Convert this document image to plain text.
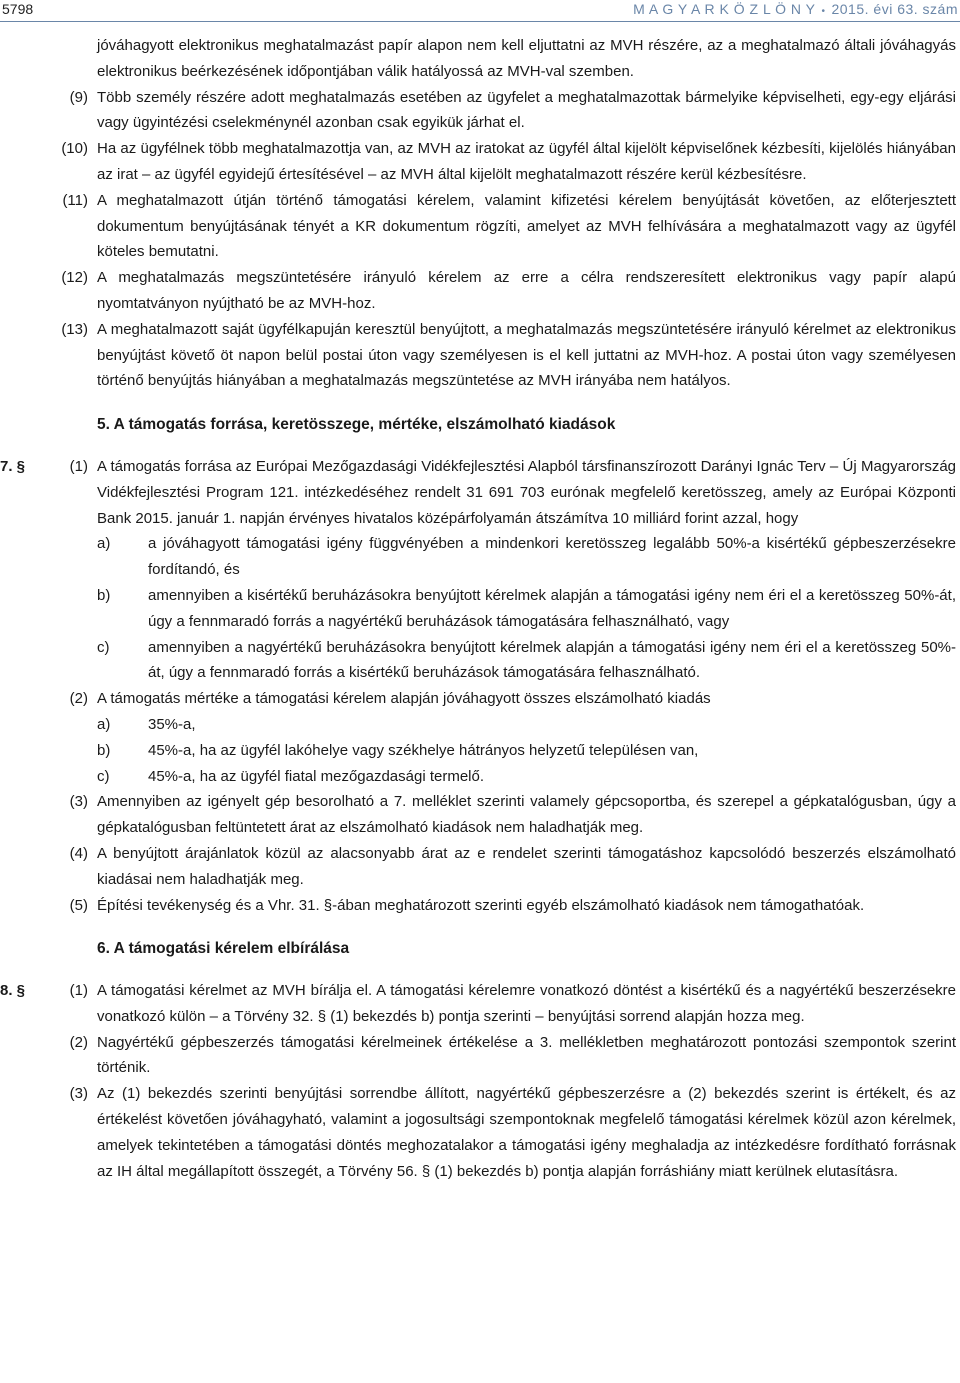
5798	M A G Y A R K Ö Z L Ö N Y • 2015. évi 63. szám
jóváhagyott elektronikus meghatalmazást papír alapon nem kell eljuttatni az MVH részére, az a meghatalmazó általi jóváhagyás elektronikus beérkezésének időpontjában válik hatályossá az MVH-val szemben.
(9) Több személy részére adott meghatalmazás esetében az ügyfelet a meghatalmazottak bármelyike képviselheti, egy-egy eljárási vagy ügyintézési cselekménynél azonban csak egyikük járhat el.
(10) Ha az ügyfélnek több meghatalmazottja van, az MVH az iratokat az ügyfél által kijelölt képviselőnek kézbesíti, kijelölés hiányában az irat – az ügyfél egyidejű értesítésével – az MVH által kijelölt meghatalmazott részére kerül kézbesítésre.
(11) A meghatalmazott útján történő támogatási kérelem, valamint kifizetési kérelem benyújtását követően, az előterjesztett dokumentum benyújtásának tényét a KR dokumentum rögzíti, amelyet az MVH felhívására a meghatalmazott vagy az ügyfél köteles bemutatni.
(12) A meghatalmazás megszüntetésére irányuló kérelem az erre a célra rendszeresített elektronikus vagy papír alapú nyomtatványon nyújtható be az MVH-hoz.
(13) A meghatalmazott saját ügyfélkapuján keresztül benyújtott, a meghatalmazás megszüntetésére irányuló kérelmet az elektronikus benyújtást követő öt napon belül postai úton vagy személyesen is el kell juttatni az MVH-hoz. A postai úton vagy személyesen történő benyújtás hiányában a meghatalmazás megszüntetése az MVH irányába nem hatályos.
5. A támogatás forrása, keretösszege, mértéke, elszámolható kiadások
7. §	(1) A támogatás forrása az Európai Mezőgazdasági Vidékfejlesztési Alapból társfinanszírozott Darányi Ignác Terv – Új Magyarország Vidékfejlesztési Program 121. intézkedéséhez rendelt 31 691 703 eurónak megfelelő keretösszeg, amely az Európai Központi Bank 2015. január 1. napján érvényes hivatalos középárfolyamán átszámítva 10 milliárd forint azzal, hogy
a)	a jóváhagyott támogatási igény függvényében a mindenkori keretösszeg legalább 50%-a kisértékű gépbeszerzésekre fordítandó, és
b)	amennyiben a kisértékű beruházásokra benyújtott kérelmek alapján a támogatási igény nem éri el a keretösszeg 50%-át, úgy a fennmaradó forrás a nagyértékű beruházások támogatására felhasználható, vagy
c)	amennyiben a nagyértékű beruházásokra benyújtott kérelmek alapján a támogatási igény nem éri el a keretösszeg 50%-át, úgy a fennmaradó forrás a kisértékű beruházások támogatására felhasználható.
(2) A támogatás mértéke a támogatási kérelem alapján jóváhagyott összes elszámolható kiadás
a)	35%-a,
b)	45%-a, ha az ügyfél lakóhelye vagy székhelye hátrányos helyzetű településen van,
c)	45%-a, ha az ügyfél fiatal mezőgazdasági termelő.
(3) Amennyiben az igényelt gép besorolható a 7. melléklet szerinti valamely gépcsoportba, és szerepel a gépkatalógusban, úgy a gépkatalógusban feltüntetett árat az elszámolható kiadások nem haladhatják meg.
(4) A benyújtott árajánlatok közül az alacsonyabb árat az e rendelet szerinti támogatáshoz kapcsolódó beszerzés elszámolható kiadásai nem haladhatják meg.
(5) Építési tevékenység és a Vhr. 31. §-ában meghatározott szerinti egyéb elszámolható kiadások nem támogathatóak.
6. A támogatási kérelem elbírálása
8. §	(1) A támogatási kérelmet az MVH bírálja el. A támogatási kérelemre vonatkozó döntést a kisértékű és a nagyértékű beszerzésekre vonatkozó külön – a Törvény 32. § (1) bekezdés b) pontja szerinti – benyújtási sorrend alapján hozza meg.
(2) Nagyértékű gépbeszerzés támogatási kérelmeinek értékelése a 3. mellékletben meghatározott pontozási szempontok szerint történik.
(3) Az (1) bekezdés szerinti benyújtási sorrendbe állított, nagyértékű gépbeszerzésre a (2) bekezdés szerint is értékelt, és az értékelést követően jóváhagyható, valamint a jogosultsági szempontoknak megfelelő támogatási kérelmek közül azon kérelmek, amelyek tekintetében a támogatási döntés meghozatalakor a támogatási igény meghaladja az intézkedésre fordítható forrásnak az IH által megállapított összegét, a Törvény 56. § (1) bekezdés b) pontja alapján forráshiány miatt kerülnek elutasításra.
